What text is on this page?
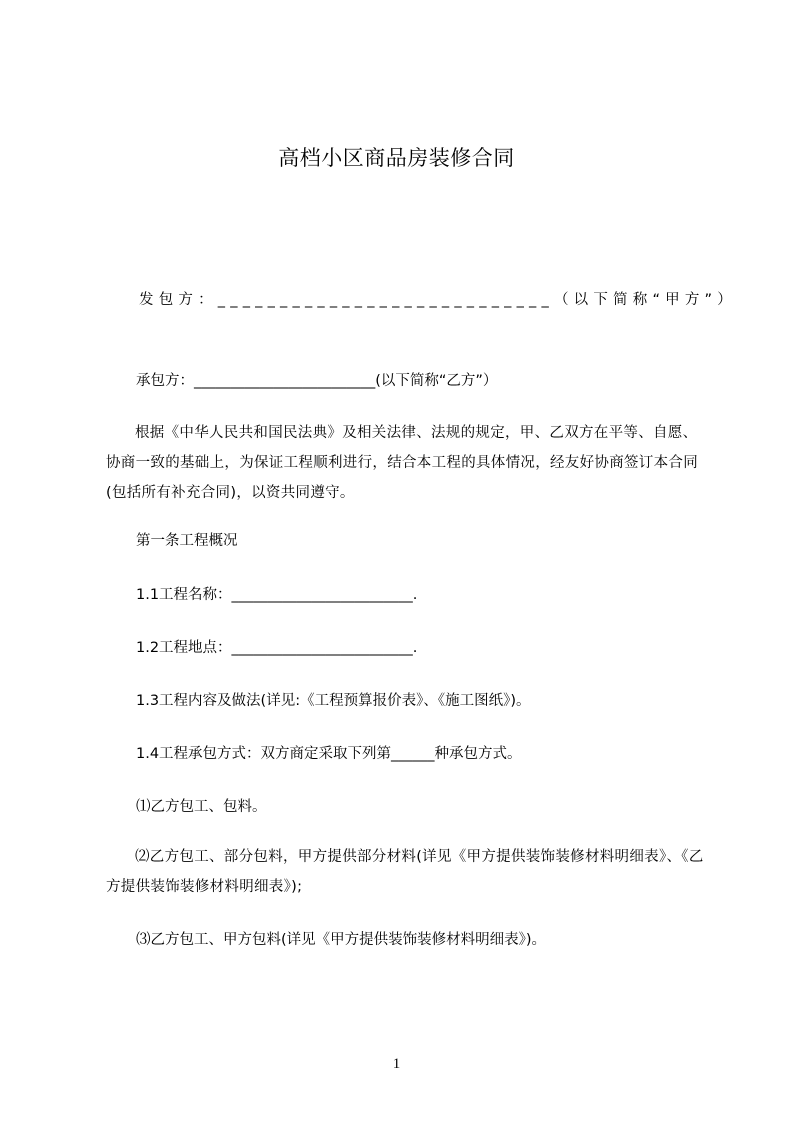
高档小区商品房装修合同
发包方：___________________________（以下简称“甲方”）
承包方：_________________________(以下简称“乙方”）
根据《中华人民共和国民法典》及相关法律、法规的规定，甲、乙双方在平等、自愿、协商一致的基础上，为保证工程顺利进行，结合本工程的具体情况，经友好协商签订本合同(包括所有补充合同)，以资共同遵守。
第一条工程概况
1.1工程名称：_________________________.
1.2工程地点：_________________________.
1.3工程内容及做法(详见:《工程预算报价表》、《施工图纸》)。
1.4工程承包方式：双方商定采取下列第______种承包方式。
⑴乙方包工、包料。
⑵乙方包工、部分包料，甲方提供部分材料(详见《甲方提供装饰装修材料明细表》、《乙方提供装饰装修材料明细表》);
⑶乙方包工、甲方包料(详见《甲方提供装饰装修材料明细表》)。
1
